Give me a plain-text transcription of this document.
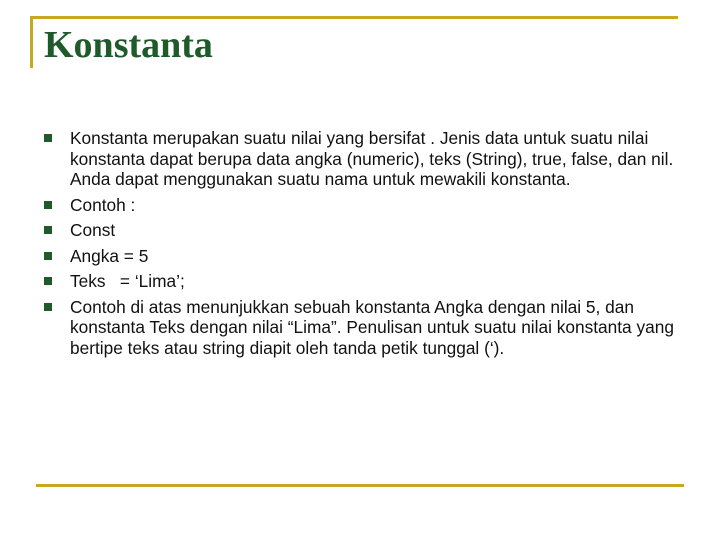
Konstanta
Konstanta merupakan suatu nilai yang bersifat . Jenis data untuk suatu nilai konstanta dapat berupa data angka (numeric), teks (String), true, false, dan nil. Anda dapat menggunakan suatu nama untuk mewakili konstanta.
Contoh :
Const
Angka = 5
Teks   = ‘Lima’;
Contoh di atas menunjukkan sebuah konstanta Angka dengan nilai 5, dan konstanta Teks dengan nilai “Lima”. Penulisan untuk suatu nilai konstanta yang bertipe teks atau string diapit oleh tanda petik tunggal (‘).
